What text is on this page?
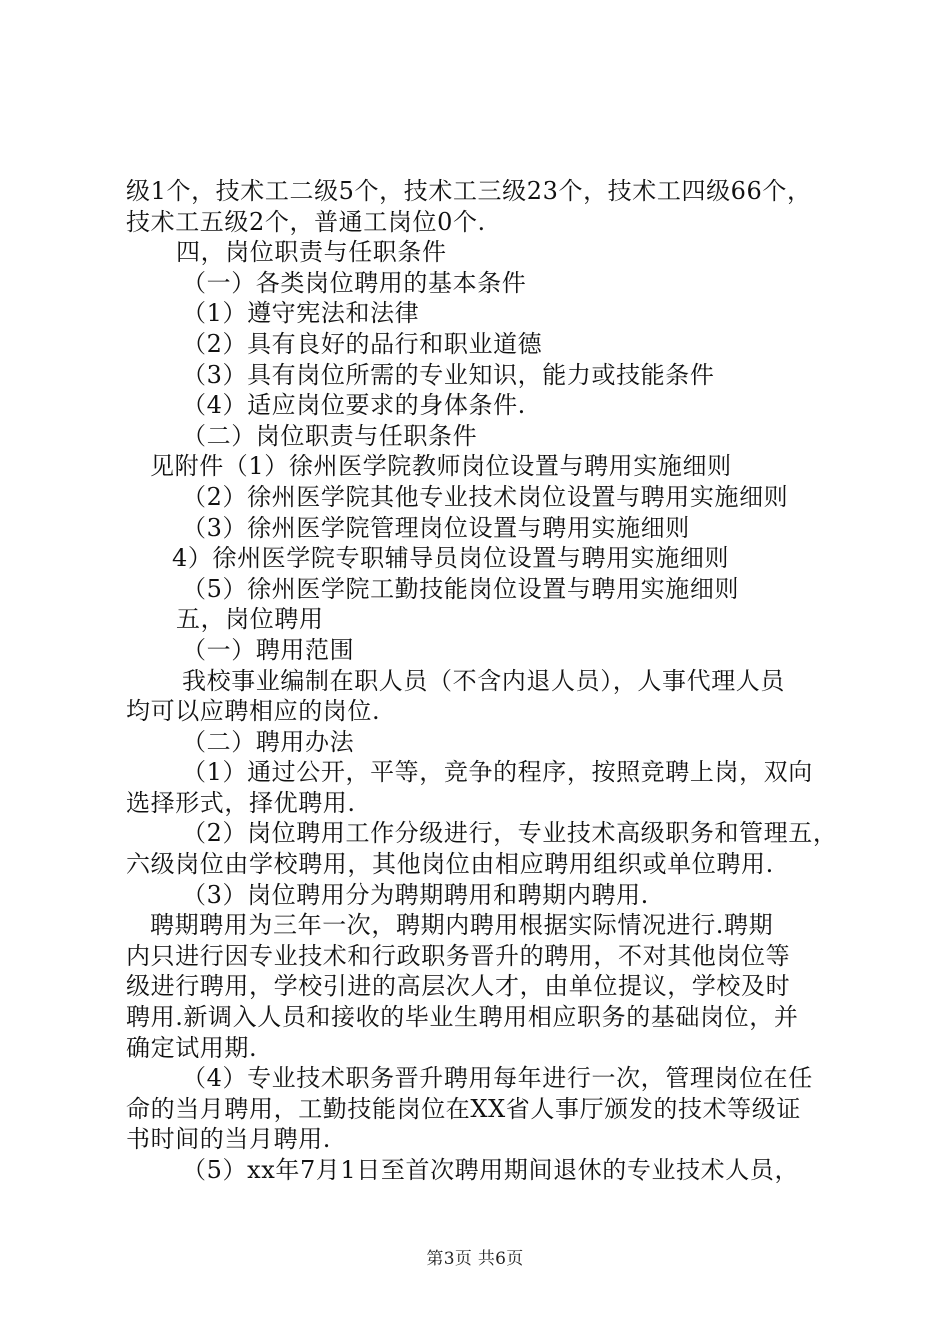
级1个，技术工二级5个，技术工三级23个，技术工四级66个，
技术工五级2个，普通工岗位0个.
四，岗位职责与任职条件
（一）各类岗位聘用的基本条件
（1）遵守宪法和法律
（2）具有良好的品行和职业道德
（3）具有岗位所需的专业知识，能力或技能条件
（4）适应岗位要求的身体条件.
（二）岗位职责与任职条件
见附件（1）徐州医学院教师岗位设置与聘用实施细则
（2）徐州医学院其他专业技术岗位设置与聘用实施细则
（3）徐州医学院管理岗位设置与聘用实施细则
4）徐州医学院专职辅导员岗位设置与聘用实施细则
（5）徐州医学院工勤技能岗位设置与聘用实施细则
五，岗位聘用
（一）聘用范围
我校事业编制在职人员（不含内退人员），人事代理人员
均可以应聘相应的岗位.
（二）聘用办法
（1）通过公开，平等，竞争的程序，按照竞聘上岗，双向
选择形式，择优聘用.
（2）岗位聘用工作分级进行，专业技术高级职务和管理五，
六级岗位由学校聘用，其他岗位由相应聘用组织或单位聘用.
（3）岗位聘用分为聘期聘用和聘期内聘用.
聘期聘用为三年一次，聘期内聘用根据实际情况进行.聘期
内只进行因专业技术和行政职务晋升的聘用，不对其他岗位等
级进行聘用，学校引进的高层次人才，由单位提议，学校及时
聘用.新调入人员和接收的毕业生聘用相应职务的基础岗位，并
确定试用期.
（4）专业技术职务晋升聘用每年进行一次，管理岗位在任
命的当月聘用，工勤技能岗位在XX省人事厅颁发的技术等级证
书时间的当月聘用.
（5）xx年7月1日至首次聘用期间退休的专业技术人员，
第3页 共6页
